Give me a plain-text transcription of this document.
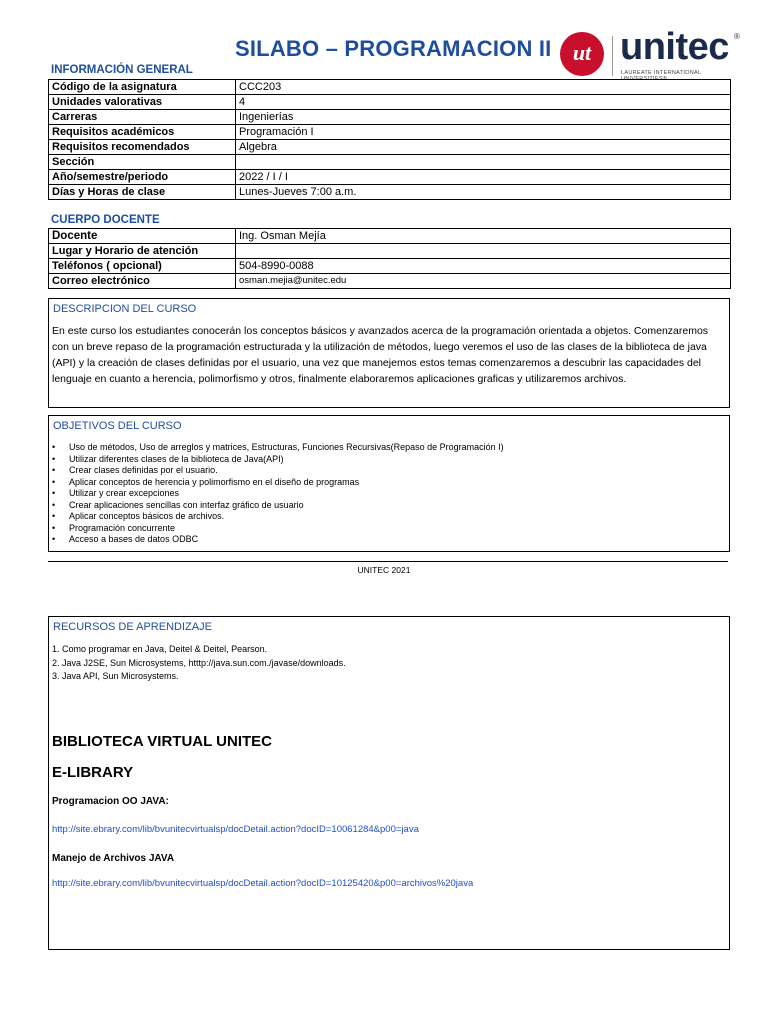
SILABO – PROGRAMACION II ut unitec ®
LAUREATE INTERNATIONAL UNIVERSITIES®
INFORMACIÓN GENERAL
Código de la asignatura	CCC203
Unidades valorativas	4
Carreras	Ingenierías
Requisitos académicos	Programación I
Requisitos recomendados	Algebra
Sección	
Año/semestre/periodo	2022 / I / I
Días y Horas de clase	Lunes-Jueves 7:00 a.m.
CUERPO DOCENTE
Docente	Ing. Osman Mejía
Lugar y Horario de atención	
Teléfonos ( opcional)	504-8990-0088
Correo electrónico	osman.mejia@unitec.edu
DESCRIPCION DEL CURSO
En este curso los estudiantes conocerán los conceptos básicos y avanzados acerca de la programación orientada a objetos. Comenzaremos con un breve repaso de la programación estructurada y la utilización de métodos, luego veremos el uso de las clases de la biblioteca de java (API) y la creación de clases definidas por el usuario, una vez que manejemos estos temas comenzaremos a descubrir las capacidades del lenguaje en cuanto a herencia, polimorfismo y otros, finalmente elaboraremos aplicaciones graficas y utilizaremos archivos.
OBJETIVOS DEL CURSO
• Uso de métodos, Uso de arreglos y matrices, Estructuras, Funciones Recursivas(Repaso de Programación I)
• Utilizar diferentes clases de la biblioteca de Java(API)
• Crear clases definidas por el usuario.
• Aplicar conceptos de herencia y polimorfismo en el diseño de programas
• Utilizar y crear excepciones
• Crear aplicaciones sencillas con interfaz gráfico de usuario
• Aplicar conceptos básicos de archivos.
• Programación concurrente
• Acceso a bases de datos ODBC
UNITEC 2021
RECURSOS DE APRENDIZAJE
1. Como programar en Java, Deitel & Deitel, Pearson.
2. Java J2SE, Sun Microsystems, htttp://java.sun.com./javase/downloads.
3. Java API, Sun Microsystems.
BIBLIOTECA VIRTUAL UNITEC
E-LIBRARY
Programacion OO JAVA:
http://site.ebrary.com/lib/bvunitecvirtualsp/docDetail.action?docID=10061284&p00=java
Manejo de Archivos JAVA
http://site.ebrary.com/lib/bvunitecvirtualsp/docDetail.action?docID=10125420&p00=archivos%20java
